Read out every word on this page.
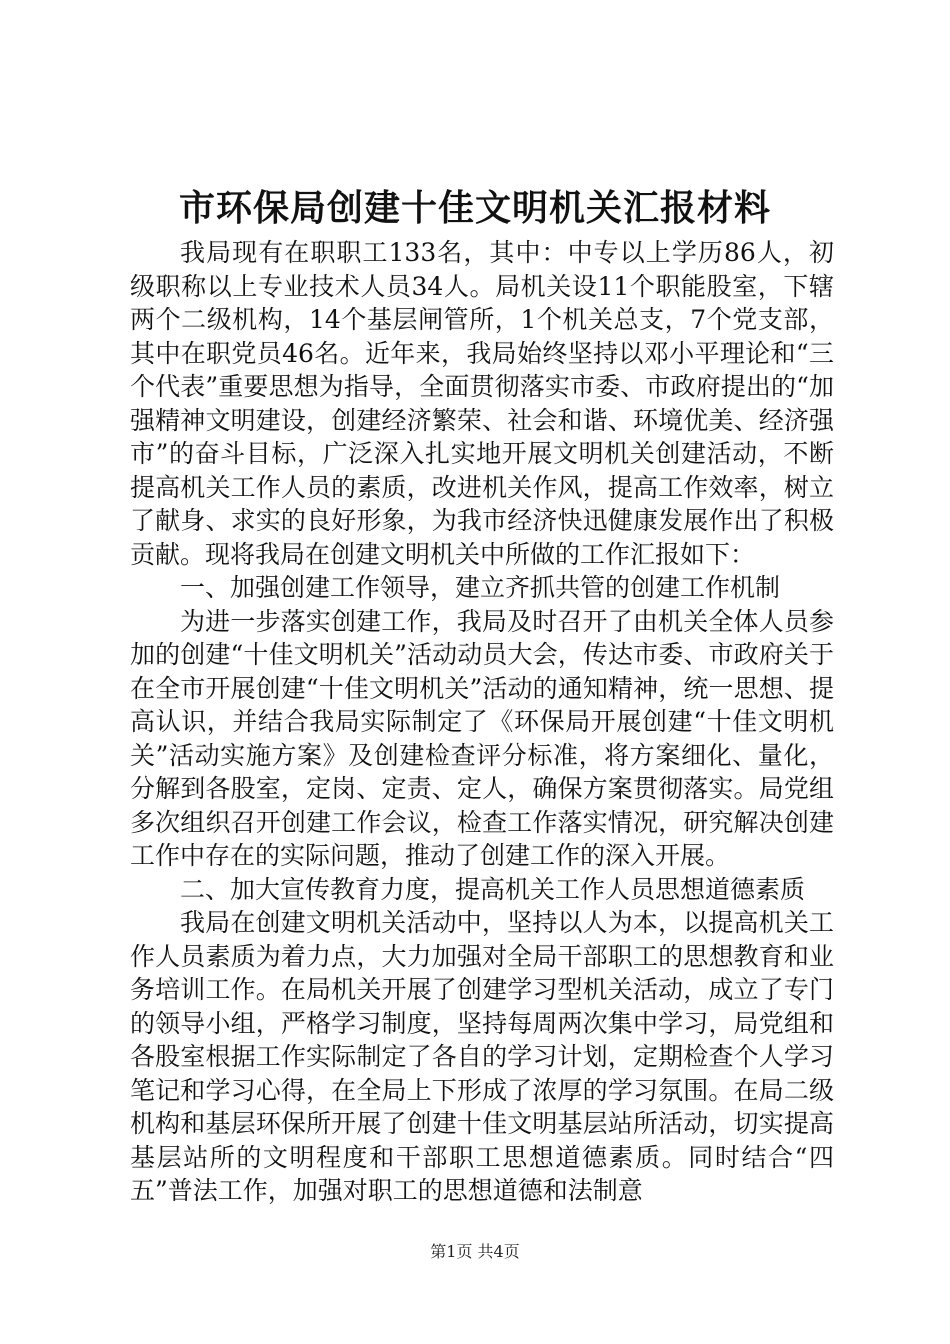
市环保局创建十佳文明机关汇报材料

我局现有在职职工133名，其中：中专以上学历86人，初级职称以上专业技术人员34人。局机关设11个职能股室，下辖两个二级机构，14个基层闸管所，1个机关总支，7个党支部，其中在职党员46名。近年来，我局始终坚持以邓小平理论和“三个代表”重要思想为指导，全面贯彻落实市委、市政府提出的“加强精神文明建设，创建经济繁荣、社会和谐、环境优美、经济强市”的奋斗目标，广泛深入扎实地开展文明机关创建活动，不断提高机关工作人员的素质，改进机关作风，提高工作效率，树立了献身、求实的良好形象，为我市经济快迅健康发展作出了积极贡献。现将我局在创建文明机关中所做的工作汇报如下：

一、加强创建工作领导，建立齐抓共管的创建工作机制

为进一步落实创建工作，我局及时召开了由机关全体人员参加的创建“十佳文明机关”活动动员大会，传达市委、市政府关于在全市开展创建“十佳文明机关”活动的通知精神，统一思想、提高认识，并结合我局实际制定了《环保局开展创建“十佳文明机关”活动实施方案》及创建检查评分标准，将方案细化、量化，分解到各股室，定岗、定责、定人，确保方案贯彻落实。局党组多次组织召开创建工作会议，检查工作落实情况，研究解决创建工作中存在的实际问题，推动了创建工作的深入开展。

二、加大宣传教育力度，提高机关工作人员思想道德素质

我局在创建文明机关活动中，坚持以人为本，以提高机关工作人员素质为着力点，大力加强对全局干部职工的思想教育和业务培训工作。在局机关开展了创建学习型机关活动，成立了专门的领导小组，严格学习制度，坚持每周两次集中学习，局党组和各股室根据工作实际制定了各自的学习计划，定期检查个人学习笔记和学习心得，在全局上下形成了浓厚的学习氛围。在局二级机构和基层环保所开展了创建十佳文明基层站所活动，切实提高基层站所的文明程度和干部职工思想道德素质。同时结合“四五”普法工作，加强对职工的思想道德和法制意

第1页 共4页
